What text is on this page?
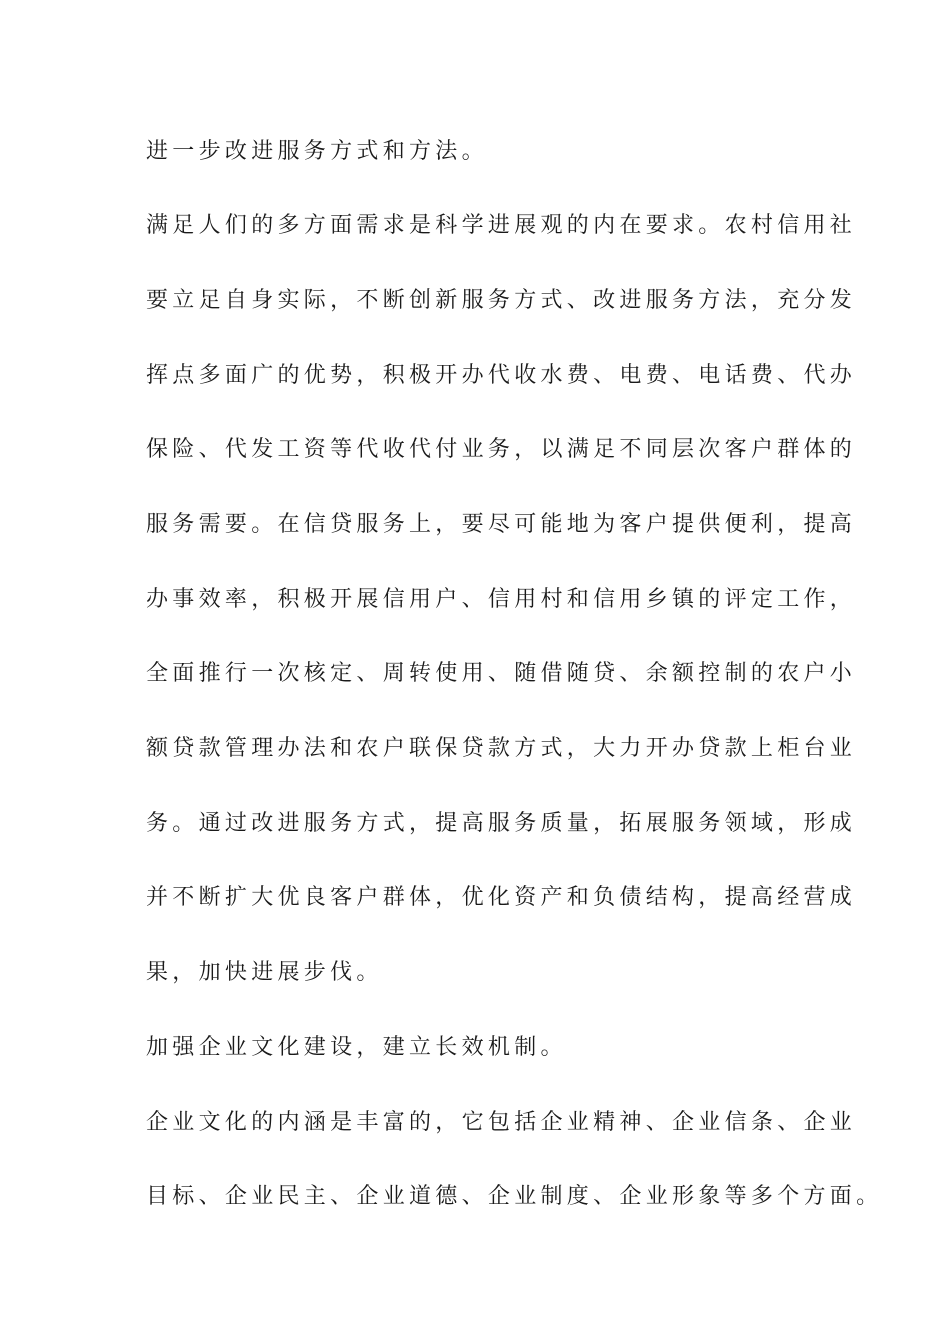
进一步改进服务方式和方法。
满足人们的多方面需求是科学进展观的内在要求。农村信用社
要立足自身实际，不断创新服务方式、改进服务方法，充分发
挥点多面广的优势，积极开办代收水费、电费、电话费、代办
保险、代发工资等代收代付业务，以满足不同层次客户群体的
服务需要。在信贷服务上，要尽可能地为客户提供便利，提高
办事效率，积极开展信用户、信用村和信用乡镇的评定工作，
全面推行一次核定、周转使用、随借随贷、余额控制的农户小
额贷款管理办法和农户联保贷款方式，大力开办贷款上柜台业
务。通过改进服务方式，提高服务质量，拓展服务领域，形成
并不断扩大优良客户群体，优化资产和负债结构，提高经营成
果，加快进展步伐。
加强企业文化建设，建立长效机制。
企业文化的内涵是丰富的，它包括企业精神、企业信条、企业
目标、企业民主、企业道德、企业制度、企业形象等多个方面。
